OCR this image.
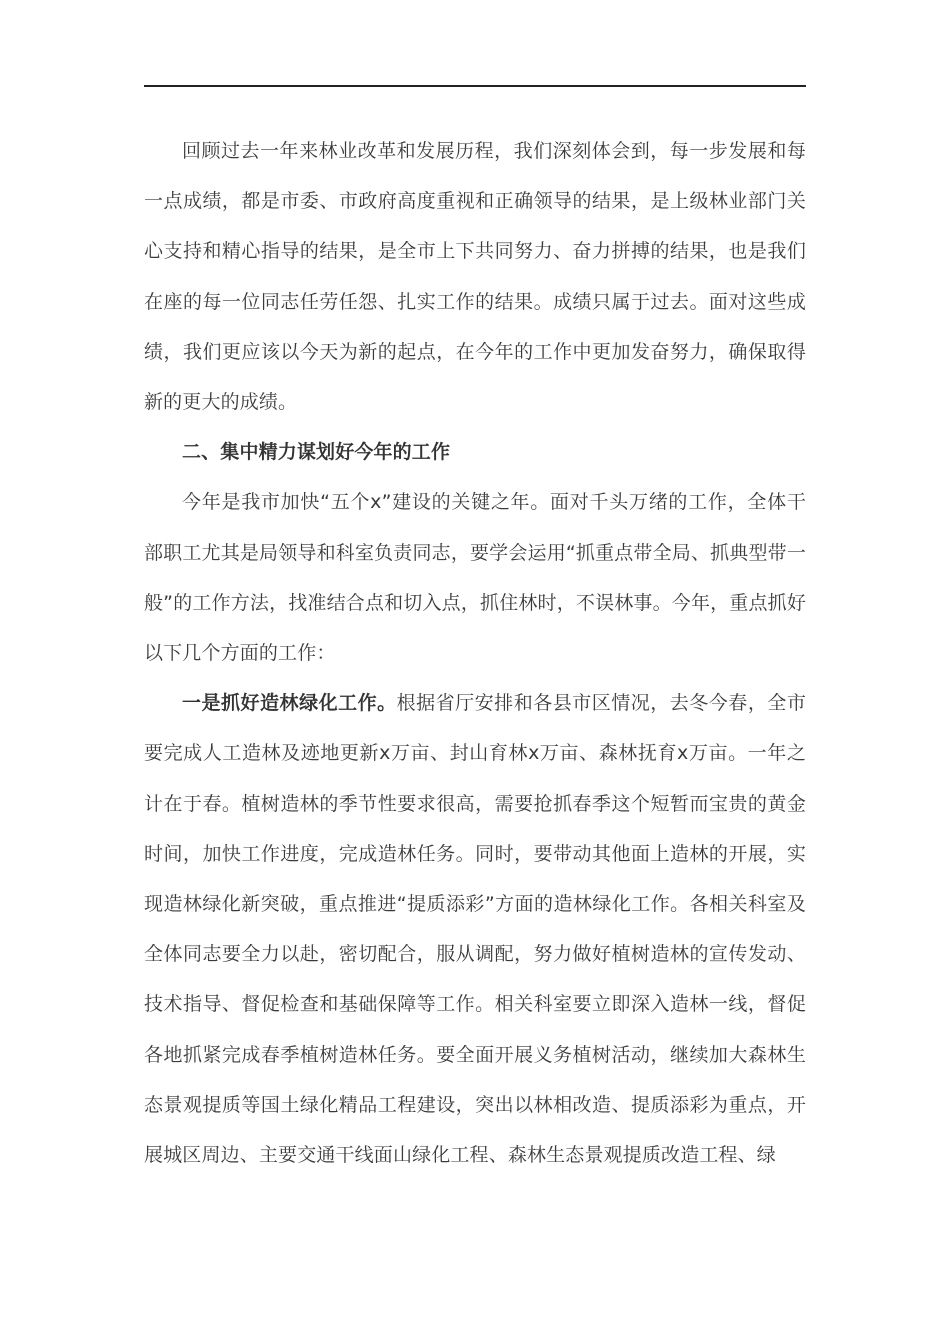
回顾过去一年来林业改革和发展历程，我们深刻体会到，每一步发展和每一点成绩，都是市委、市政府高度重视和正确领导的结果，是上级林业部门关心支持和精心指导的结果，是全市上下共同努力、奋力拼搏的结果，也是我们在座的每一位同志任劳任怨、扎实工作的结果。成绩只属于过去。面对这些成绩，我们更应该以今天为新的起点，在今年的工作中更加发奋努力，确保取得新的更大的成绩。

二、集中精力谋划好今年的工作

今年是我市加快“五个x”建设的关键之年。面对千头万绪的工作，全体干部职工尤其是局领导和科室负责同志，要学会运用“抓重点带全局、抓典型带一般”的工作方法，找准结合点和切入点，抓住林时，不误林事。今年，重点抓好以下几个方面的工作：

一是抓好造林绿化工作。根据省厅安排和各县市区情况，去冬今春，全市要完成人工造林及迹地更新x万亩、封山育林x万亩、森林抚育x万亩。一年之计在于春。植树造林的季节性要求很高，需要抢抓春季这个短暂而宝贵的黄金时间，加快工作进度，完成造林任务。同时，要带动其他面上造林的开展，实现造林绿化新突破，重点推进“提质添彩”方面的造林绿化工作。各相关科室及全体同志要全力以赴，密切配合，服从调配，努力做好植树造林的宣传发动、技术指导、督促检查和基础保障等工作。相关科室要立即深入造林一线，督促各地抓紧完成春季植树造林任务。要全面开展义务植树活动，继续加大森林生态景观提质等国土绿化精品工程建设，突出以林相改造、提质添彩为重点，开展城区周边、主要交通干线面山绿化工程、森林生态景观提质改造工程、绿
